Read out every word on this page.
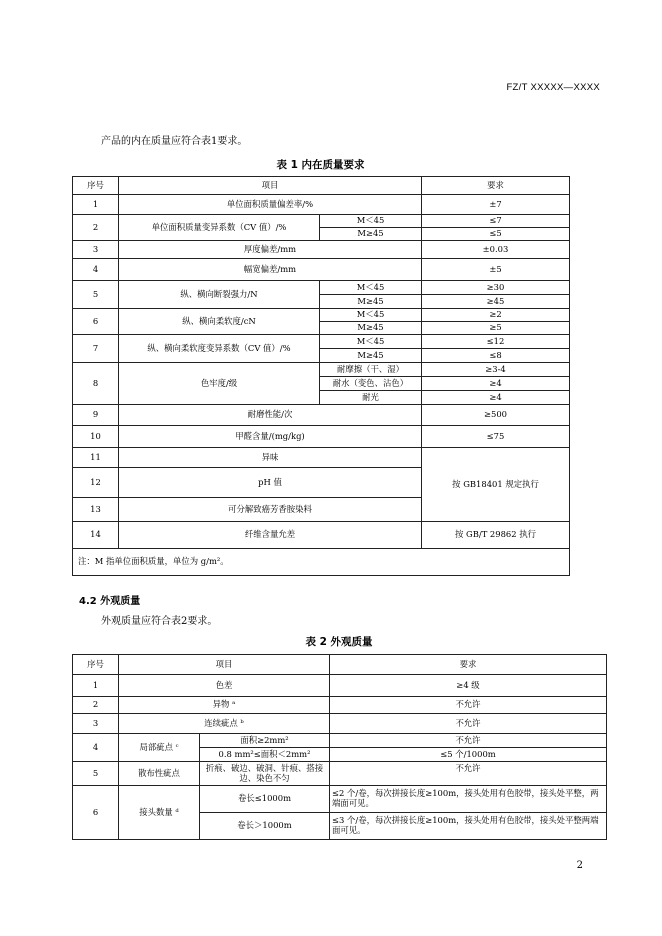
FZ/T XXXXX—XXXX
产品的内在质量应符合表1要求。
表 1 内在质量要求
序号	项目		要求
1	单位面积质量偏差率/%		±7
2	单位面积质量变异系数（CV 值）/%	M＜45	≤7
		M≥45	≤5
3	厚度偏差/mm		±0.03
4	幅宽偏差/mm		±5
5	纵、横向断裂强力/N	M＜45	≥30
		M≥45	≥45
6	纵、横向柔软度/cN	M＜45	≥2
		M≥45	≥5
7	纵、横向柔软度变异系数（CV 值）/%	M＜45	≤12
		M≥45	≤8
8	色牢度/级	耐摩擦（干、湿）	≥3-4
		耐水（变色、沾色）	≥4
		耐光	≥4
9	耐磨性能/次		≥500
10	甲醛含量/(mg/kg)		≤75
11	异味		按 GB18401 规定执行
12	pH 值		
13	可分解致癌芳香胺染料		
14	纤维含量允差		按 GB/T 29862 执行
注：M 指单位面积质量，单位为 g/m²。			
4.2 外观质量
外观质量应符合表2要求。
表 2 外观质量
序号	项目		要求
1	色差		≥4 级
2	异物 ᵃ		不允许
3	连续疵点 ᵇ		不允许
4	局部疵点 ᶜ	面积≥2mm²	不允许
		0.8 mm²≤面积＜2mm²	≤5 个/1000m
5	散布性疵点	折痕、破边、破洞、针痕、搭接边、染色不匀	不允许
6	接头数量 ᵈ	卷长≤1000m	≤2 个/卷，每次拼接长度≥100m，接头处用有色胶带，接头处平整，两端面可见。
		卷长＞1000m	≤3 个/卷，每次拼接长度≥100m，接头处用有色胶带，接头处平整两端面可见。
2
